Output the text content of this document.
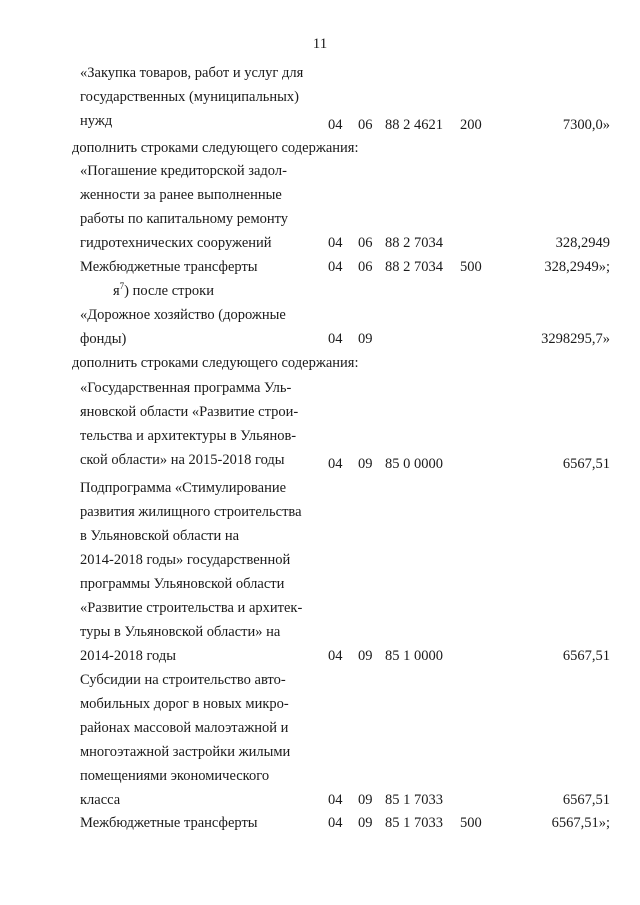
11
«Закупка товаров, работ и услуг для
государственных (муниципальных)
нужд	04 06 88 2 4621 200	7300,0»
дополнить строками следующего содержания:
«Погашение кредиторской задол-
женности за ранее выполненные
работы по капитальному ремонту
гидротехнических сооружений	04 06 88 2 7034	328,2949
Межбюджетные трансферты	04 06 88 2 7034 500	328,2949»;
$я^7$) после строки
«Дорожное хозяйство (дорожные
фонды)	04 09	3298295,7»
дополнить строками следующего содержания:
«Государственная программа Уль-
яновской области «Развитие строи-
тельства и архитектуры в Ульянов-
ской области» на 2015-2018 годы	04 09 85 0 0000	6567,51
Подпрограмма «Стимулирование
развития жилищного строительства
в Ульяновской области на
2014-2018 годы» государственной
программы Ульяновской области
«Развитие строительства и архитек-
туры в Ульяновской области» на
2014-2018 годы	04 09 85 1 0000	6567,51
Субсидии на строительство авто-
мобильных дорог в новых микро-
районах массовой малоэтажной и
многоэтажной застройки жилыми
помещениями экономического
класса	04 09 85 1 7033	6567,51
Межбюджетные трансферты	04 09 85 1 7033 500	6567,51»;
